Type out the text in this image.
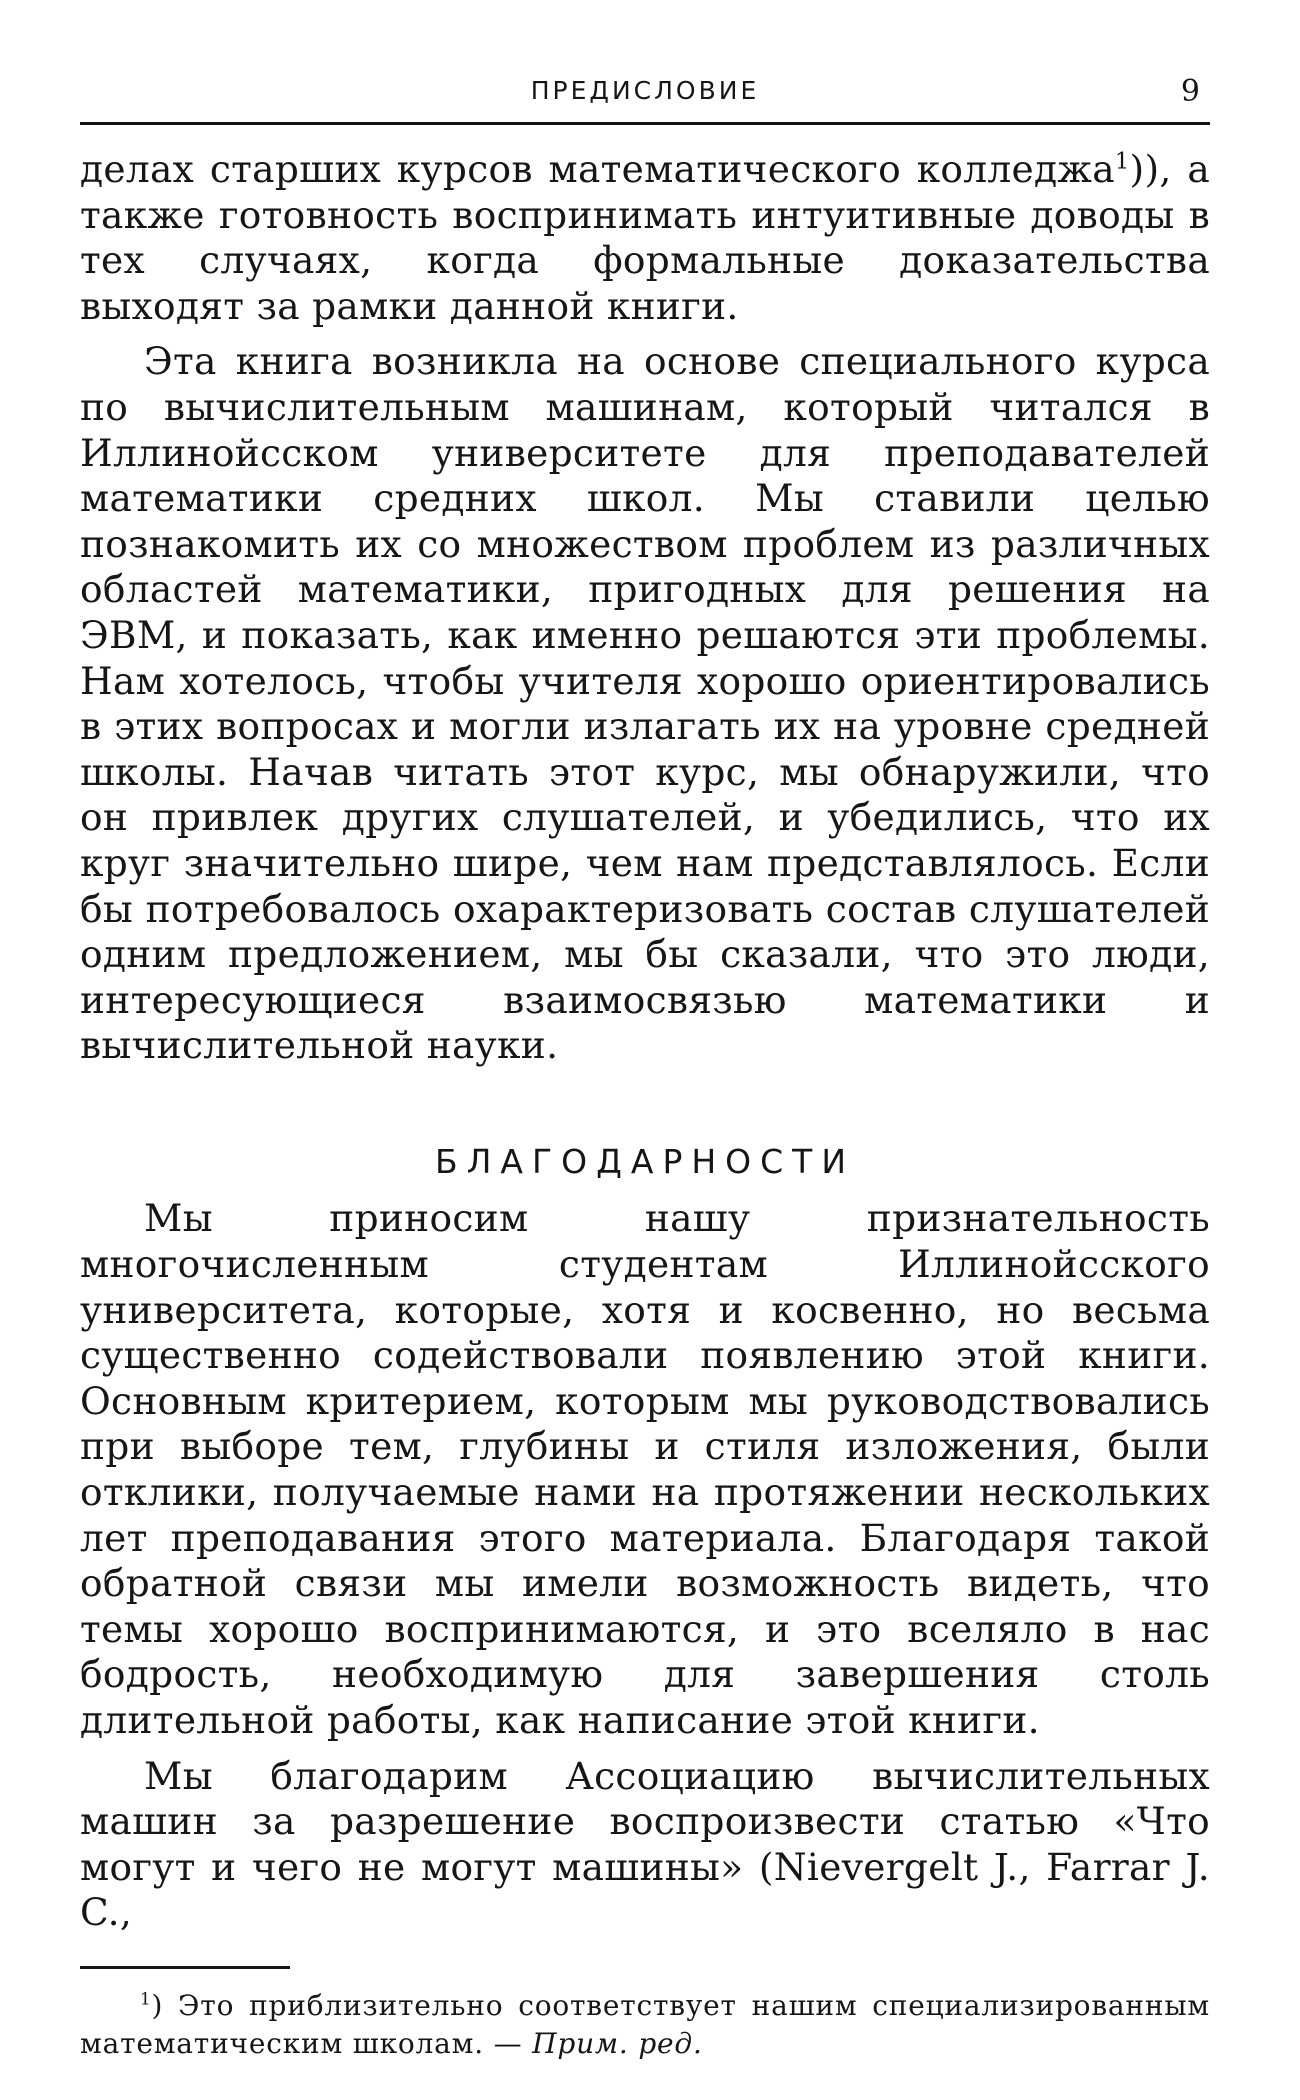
ПРЕДИСЛОВИЕ	9

делах старших курсов математического колледжа$^1$)), а также готовность воспринимать интуитивные доводы в тех случаях, когда формальные доказательства выходят за рамки данной книги.

Эта книга возникла на основе специального курса по вычислительным машинам, который читался в Иллинойсском университете для преподавателей математики средних школ. Мы ставили целью познакомить их со множеством проблем из различных областей математики, пригодных для решения на ЭВМ, и показать, как именно решаются эти проблемы. Нам хотелось, чтобы учителя хорошо ориентировались в этих вопросах и могли излагать их на уровне средней школы. Начав читать этот курс, мы обнаружили, что он привлек других слушателей, и убедились, что их круг значительно шире, чем нам представлялось. Если бы потребовалось охарактеризовать состав слушателей одним предложением, мы бы сказали, что это люди, интересующиеся взаимосвязью математики и вычислительной науки.

БЛАГОДАРНОСТИ

Мы приносим нашу признательность многочисленным студентам Иллинойсского университета, которые, хотя и косвенно, но весьма существенно содействовали появлению этой книги. Основным критерием, которым мы руководствовались при выборе тем, глубины и стиля изложения, были отклики, получаемые нами на протяжении нескольких лет преподавания этого материала. Благодаря такой обратной связи мы имели возможность видеть, что темы хорошо воспринимаются, и это вселяло в нас бодрость, необходимую для завершения столь длительной работы, как написание этой книги.

Мы благодарим Ассоциацию вычислительных машин за разрешение воспроизвести статью «Что могут и чего не могут машины» (Nievergelt J., Farrar J. C.,

$^1$) Это приблизительно соответствует нашим специализированным математическим школам. — Прим. ред.
